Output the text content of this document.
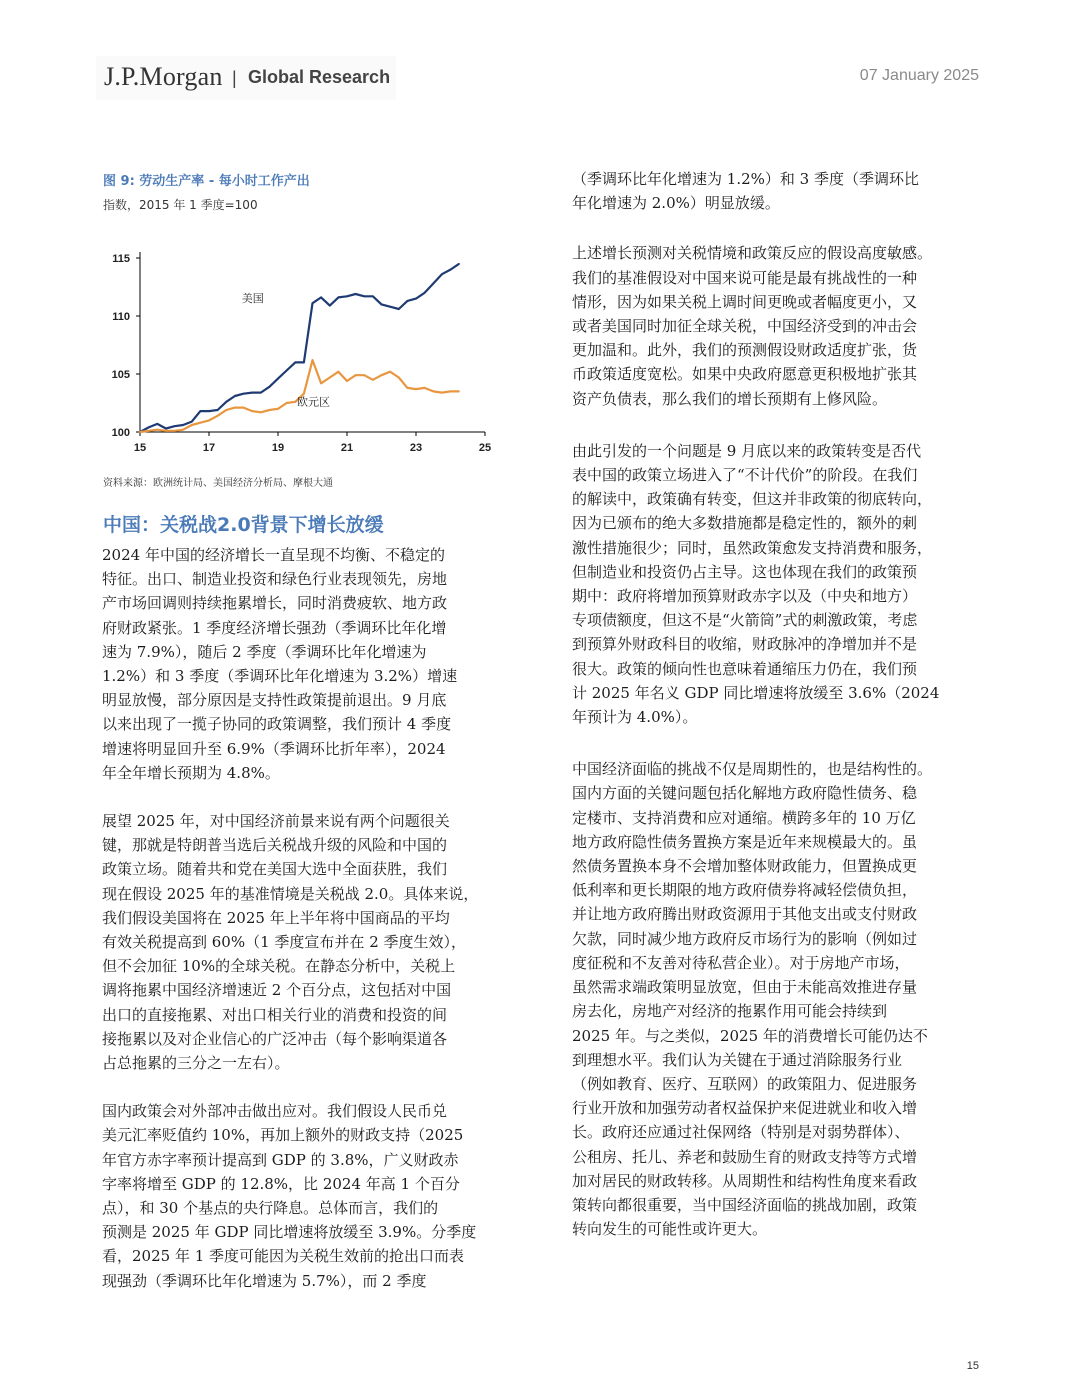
J.P.Morgan | Global Research	07 January 2025
图 9: 劳动生产率 - 每小时工作产出
指数，2015 年 1 季度=100
100
105
110
115
15	17	19	21	23	25
美国
欧元区
资料来源：欧洲统计局、美国经济分析局、摩根大通
中国：关税战2.0背景下增长放缓
2024 年中国的经济增长一直呈现不均衡、不稳定的
特征。出口、制造业投资和绿色行业表现领先，房地
产市场回调则持续拖累增长，同时消费疲软、地方政
府财政紧张。1 季度经济增长强劲（季调环比年化增
速为 7.9%），随后 2 季度（季调环比年化增速为
1.2%）和 3 季度（季调环比年化增速为 3.2%）增速
明显放慢，部分原因是支持性政策提前退出。9 月底
以来出现了一揽子协同的政策调整，我们预计 4 季度
增速将明显回升至 6.9%（季调环比折年率），2024
年全年增长预期为 4.8%。
展望 2025 年，对中国经济前景来说有两个问题很关
键，那就是特朗普当选后关税战升级的风险和中国的
政策立场。随着共和党在美国大选中全面获胜，我们
现在假设 2025 年的基准情境是关税战 2.0。具体来说，
我们假设美国将在 2025 年上半年将中国商品的平均
有效关税提高到 60%（1 季度宣布并在 2 季度生效），
但不会加征 10%的全球关税。在静态分析中，关税上
调将拖累中国经济增速近 2 个百分点，这包括对中国
出口的直接拖累、对出口相关行业的消费和投资的间
接拖累以及对企业信心的广泛冲击（每个影响渠道各
占总拖累的三分之一左右）。
国内政策会对外部冲击做出应对。我们假设人民币兑
美元汇率贬值约 10%，再加上额外的财政支持（2025
年官方赤字率预计提高到 GDP 的 3.8%，广义财政赤
字率将增至 GDP 的 12.8%，比 2024 年高 1 个百分
点），和 30 个基点的央行降息。总体而言，我们的
预测是 2025 年 GDP 同比增速将放缓至 3.9%。分季度
看，2025 年 1 季度可能因为关税生效前的抢出口而表
现强劲（季调环比年化增速为 5.7%），而 2 季度
（季调环比年化增速为 1.2%）和 3 季度（季调环比
年化增速为 2.0%）明显放缓。
上述增长预测对关税情境和政策反应的假设高度敏感。
我们的基准假设对中国来说可能是最有挑战性的一种
情形，因为如果关税上调时间更晚或者幅度更小，又
或者美国同时加征全球关税，中国经济受到的冲击会
更加温和。此外，我们的预测假设财政适度扩张，货
币政策适度宽松。如果中央政府愿意更积极地扩张其
资产负债表，那么我们的增长预期有上修风险。
由此引发的一个问题是 9 月底以来的政策转变是否代
表中国的政策立场进入了“不计代价”的阶段。在我们
的解读中，政策确有转变，但这并非政策的彻底转向，
因为已颁布的绝大多数措施都是稳定性的，额外的刺
激性措施很少；同时，虽然政策愈发支持消费和服务，
但制造业和投资仍占主导。这也体现在我们的政策预
期中：政府将增加预算财政赤字以及（中央和地方）
专项债额度，但这不是“火箭筒”式的刺激政策，考虑
到预算外财政科目的收缩，财政脉冲的净增加并不是
很大。政策的倾向性也意味着通缩压力仍在，我们预
计 2025 年名义 GDP 同比增速将放缓至 3.6%（2024
年预计为 4.0%）。
中国经济面临的挑战不仅是周期性的，也是结构性的。
国内方面的关键问题包括化解地方政府隐性债务、稳
定楼市、支持消费和应对通缩。横跨多年的 10 万亿
地方政府隐性债务置换方案是近年来规模最大的。虽
然债务置换本身不会增加整体财政能力，但置换成更
低利率和更长期限的地方政府债券将减轻偿债负担，
并让地方政府腾出财政资源用于其他支出或支付财政
欠款，同时减少地方政府反市场行为的影响（例如过
度征税和不友善对待私营企业）。对于房地产市场，
虽然需求端政策明显放宽，但由于未能高效推进存量
房去化，房地产对经济的拖累作用可能会持续到
2025 年。与之类似，2025 年的消费增长可能仍达不
到理想水平。我们认为关键在于通过消除服务行业
（例如教育、医疗、互联网）的政策阻力、促进服务
行业开放和加强劳动者权益保护来促进就业和收入增
长。政府还应通过社保网络（特别是对弱势群体）、
公租房、托儿、养老和鼓励生育的财政支持等方式增
加对居民的财政转移。从周期性和结构性角度来看政
策转向都很重要，当中国经济面临的挑战加剧，政策
转向发生的可能性或许更大。
15
